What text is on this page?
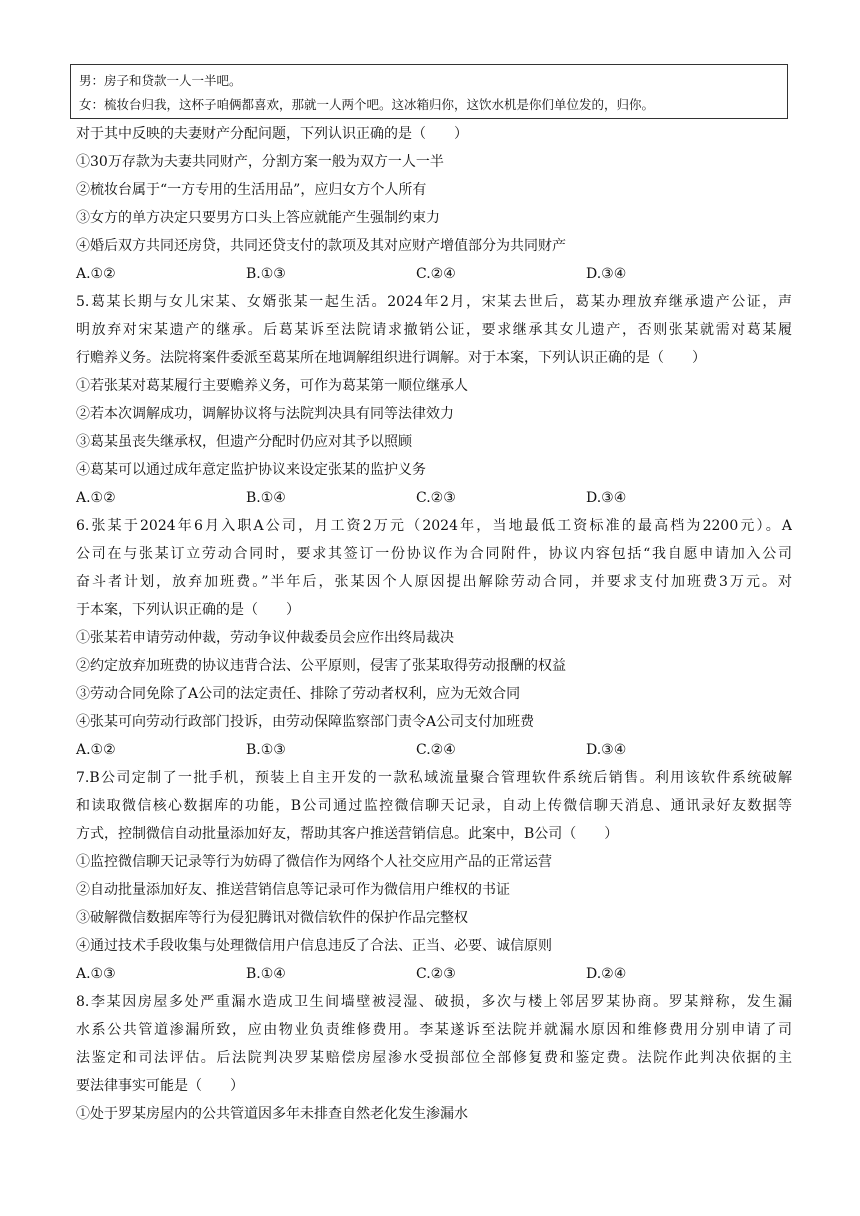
男：房子和贷款一人一半吧。
女：梳妆台归我，这杯子咱俩都喜欢，那就一人两个吧。这冰箱归你，这饮水机是你们单位发的，归你。
对于其中反映的夫妻财产分配问题，下列认识正确的是（　　）
①30万存款为夫妻共同财产，分割方案一般为双方一人一半
②梳妆台属于“一方专用的生活用品”，应归女方个人所有
③女方的单方决定只要男方口头上答应就能产生强制约束力
④婚后双方共同还房贷，共同还贷支付的款项及其对应财产增值部分为共同财产
A.①②	B.①③	C.②④	D.③④
5.葛某长期与女儿宋某、女婿张某一起生活。2024年2月，宋某去世后，葛某办理放弃继承遗产公证，声
明放弃对宋某遗产的继承。后葛某诉至法院请求撤销公证，要求继承其女儿遗产，否则张某就需对葛某履
行赡养义务。法院将案件委派至葛某所在地调解组织进行调解。对于本案，下列认识正确的是（　　）
①若张某对葛某履行主要赡养义务，可作为葛某第一顺位继承人
②若本次调解成功，调解协议将与法院判决具有同等法律效力
③葛某虽丧失继承权，但遗产分配时仍应对其予以照顾
④葛某可以通过成年意定监护协议来设定张某的监护义务
A.①②	B.①④	C.②③	D.③④
6.张某于2024年6月入职A公司，月工资2万元（2024年，当地最低工资标准的最高档为2200元）。A
公司在与张某订立劳动合同时，要求其签订一份协议作为合同附件，协议内容包括“我自愿申请加入公司
奋斗者计划，放弃加班费。”半年后，张某因个人原因提出解除劳动合同，并要求支付加班费3万元。对
于本案，下列认识正确的是（　　）
①张某若申请劳动仲裁，劳动争议仲裁委员会应作出终局裁决
②约定放弃加班费的协议违背合法、公平原则，侵害了张某取得劳动报酬的权益
③劳动合同免除了A公司的法定责任、排除了劳动者权利，应为无效合同
④张某可向劳动行政部门投诉，由劳动保障监察部门责令A公司支付加班费
A.①②	B.①③	C.②④	D.③④
7.B公司定制了一批手机，预装上自主开发的一款私域流量聚合管理软件系统后销售。利用该软件系统破解
和读取微信核心数据库的功能，B公司通过监控微信聊天记录，自动上传微信聊天消息、通讯录好友数据等
方式，控制微信自动批量添加好友，帮助其客户推送营销信息。此案中，B公司（　　）
①监控微信聊天记录等行为妨碍了微信作为网络个人社交应用产品的正常运营
②自动批量添加好友、推送营销信息等记录可作为微信用户维权的书证
③破解微信数据库等行为侵犯腾讯对微信软件的保护作品完整权
④通过技术手段收集与处理微信用户信息违反了合法、正当、必要、诚信原则
A.①③	B.①④	C.②③	D.②④
8.李某因房屋多处严重漏水造成卫生间墙壁被浸湿、破损，多次与楼上邻居罗某协商。罗某辩称，发生漏
水系公共管道渗漏所致，应由物业负责维修费用。李某遂诉至法院并就漏水原因和维修费用分别申请了司
法鉴定和司法评估。后法院判决罗某赔偿房屋渗水受损部位全部修复费和鉴定费。法院作此判决依据的主
要法律事实可能是（　　）
①处于罗某房屋内的公共管道因多年未排查自然老化发生渗漏水
